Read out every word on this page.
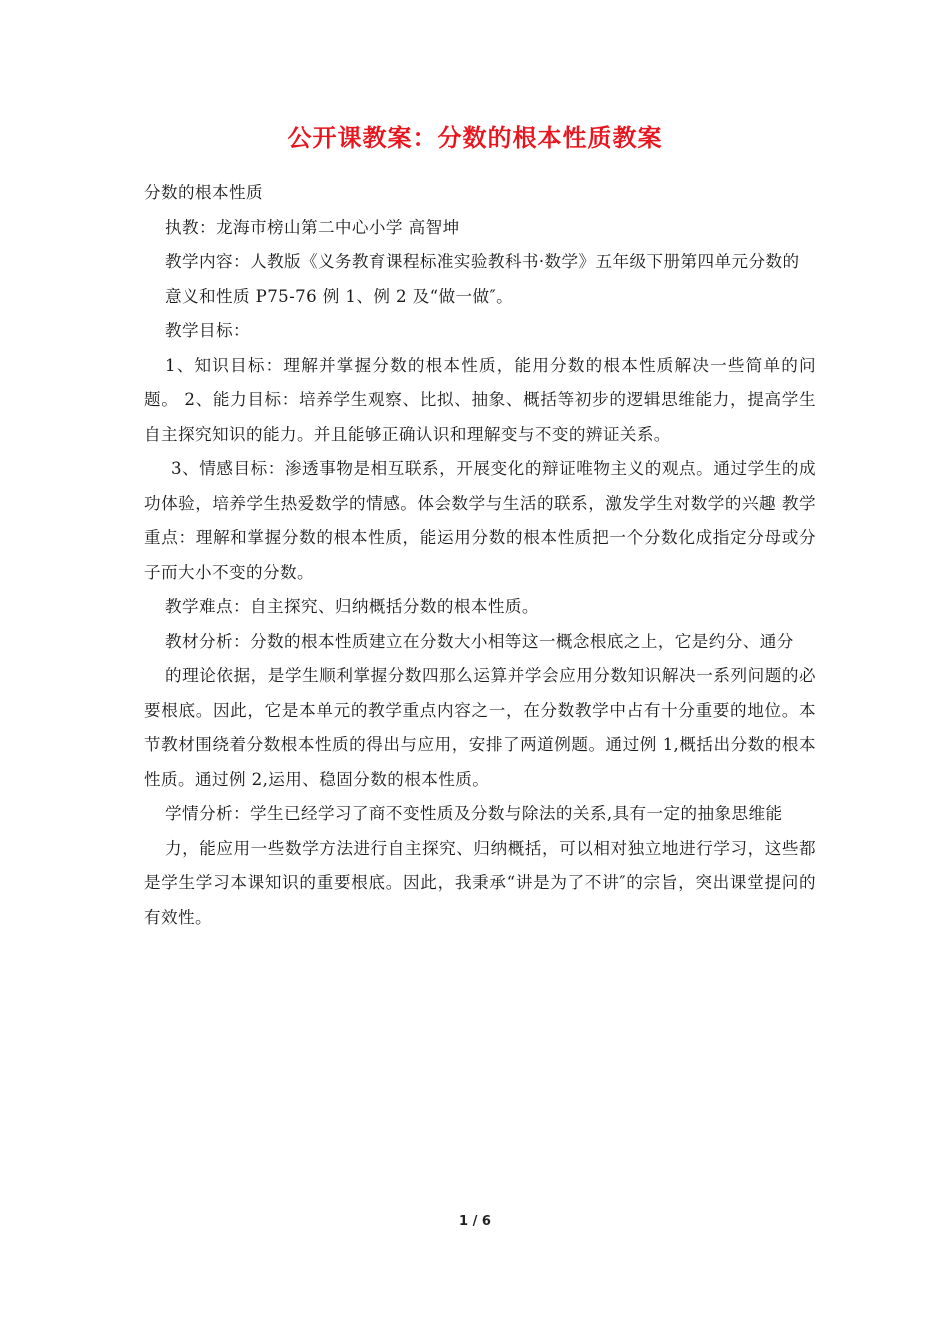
公开课教案：分数的根本性质教案

分数的根本性质

执教：龙海市榜山第二中心小学 高智坤

教学内容：人教版《义务教育课程标准实验教科书·数学》五年级下册第四单元分数的

意义和性质 P75-76 例 1、例 2 及“做一做″。

教学目标：

1、知识目标：理解并掌握分数的根本性质，能用分数的根本性质解决一些简单的问题。 2、能力目标：培养学生观察、比拟、抽象、概括等初步的逻辑思维能力，提高学生自主探究知识的能力。并且能够正确认识和理解变与不变的辨证关系。

3、情感目标：渗透事物是相互联系，开展变化的辩证唯物主义的观点。通过学生的成功体验，培养学生热爱数学的情感。体会数学与生活的联系，激发学生对数学的兴趣 教学重点：理解和掌握分数的根本性质，能运用分数的根本性质把一个分数化成指定分母或分子而大小不变的分数。

教学难点：自主探究、归纳概括分数的根本性质。

教材分析：分数的根本性质建立在分数大小相等这一概念根底之上，它是约分、通分

的理论依据，是学生顺利掌握分数四那么运算并学会应用分数知识解决一系列问题的必要根底。因此，它是本单元的教学重点内容之一，在分数教学中占有十分重要的地位。本节教材围绕着分数根本性质的得出与应用，安排了两道例题。通过例 1,概括出分数的根本性质。通过例 2,运用、稳固分数的根本性质。

学情分析：学生已经学习了商不变性质及分数与除法的关系,具有一定的抽象思维能

力，能应用一些数学方法进行自主探究、归纳概括，可以相对独立地进行学习，这些都是学生学习本课知识的重要根底。因此，我秉承“讲是为了不讲″的宗旨，突出课堂提问的有效性。

1 / 6
